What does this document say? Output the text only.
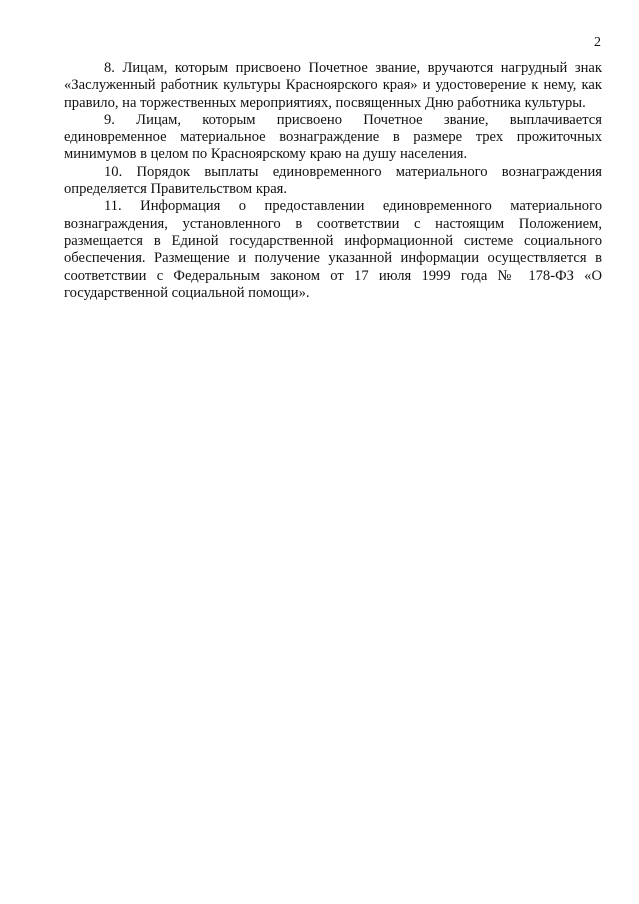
2

8. Лицам, которым присвоено Почетное звание, вручаются нагрудный знак «Заслуженный работник культуры Красноярского края» и удостоверение к нему, как правило, на торжественных мероприятиях, посвященных Дню работника культуры.

9. Лицам, которым присвоено Почетное звание, выплачивается единовременное материальное вознаграждение в размере трех прожиточных минимумов в целом по Красноярскому краю на душу населения.

10. Порядок выплаты единовременного материального вознаграждения определяется Правительством края.

11. Информация о предоставлении единовременного материального вознаграждения, установленного в соответствии с настоящим Положением, размещается в Единой государственной информационной системе социального обеспечения. Размещение и получение указанной информации осуществляется в соответствии с Федеральным законом от 17 июля 1999 года № 178-ФЗ «О государственной социальной помощи».
